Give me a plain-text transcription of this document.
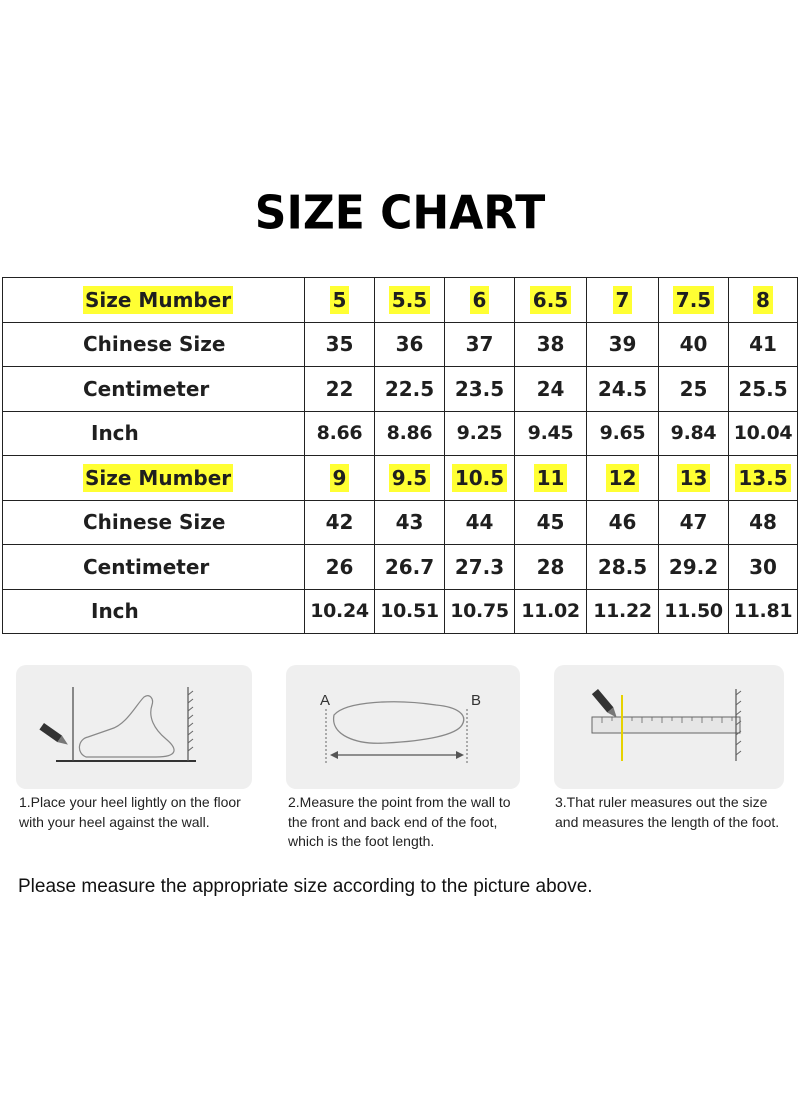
SIZE CHART
Size Mumber	5	5.5	6	6.5	7	7.5	8
Chinese Size	35	36	37	38	39	40	41
Centimeter	22	22.5	23.5	24	24.5	25	25.5
Inch	8.66	8.86	9.25	9.45	9.65	9.84	10.04
Size Mumber	9	9.5	10.5	11	12	13	13.5
Chinese Size	42	43	44	45	46	47	48
Centimeter	26	26.7	27.3	28	28.5	29.2	30
Inch	10.24	10.51	10.75	11.02	11.22	11.50	11.81
A	B
1.Place your heel lightly on the floor with your heel against the wall.
2.Measure the point from the wall to the front and back end of the foot, which is the foot length.
3.That ruler measures out the size and measures the length of the foot.
Please measure the appropriate size according to the picture above.
